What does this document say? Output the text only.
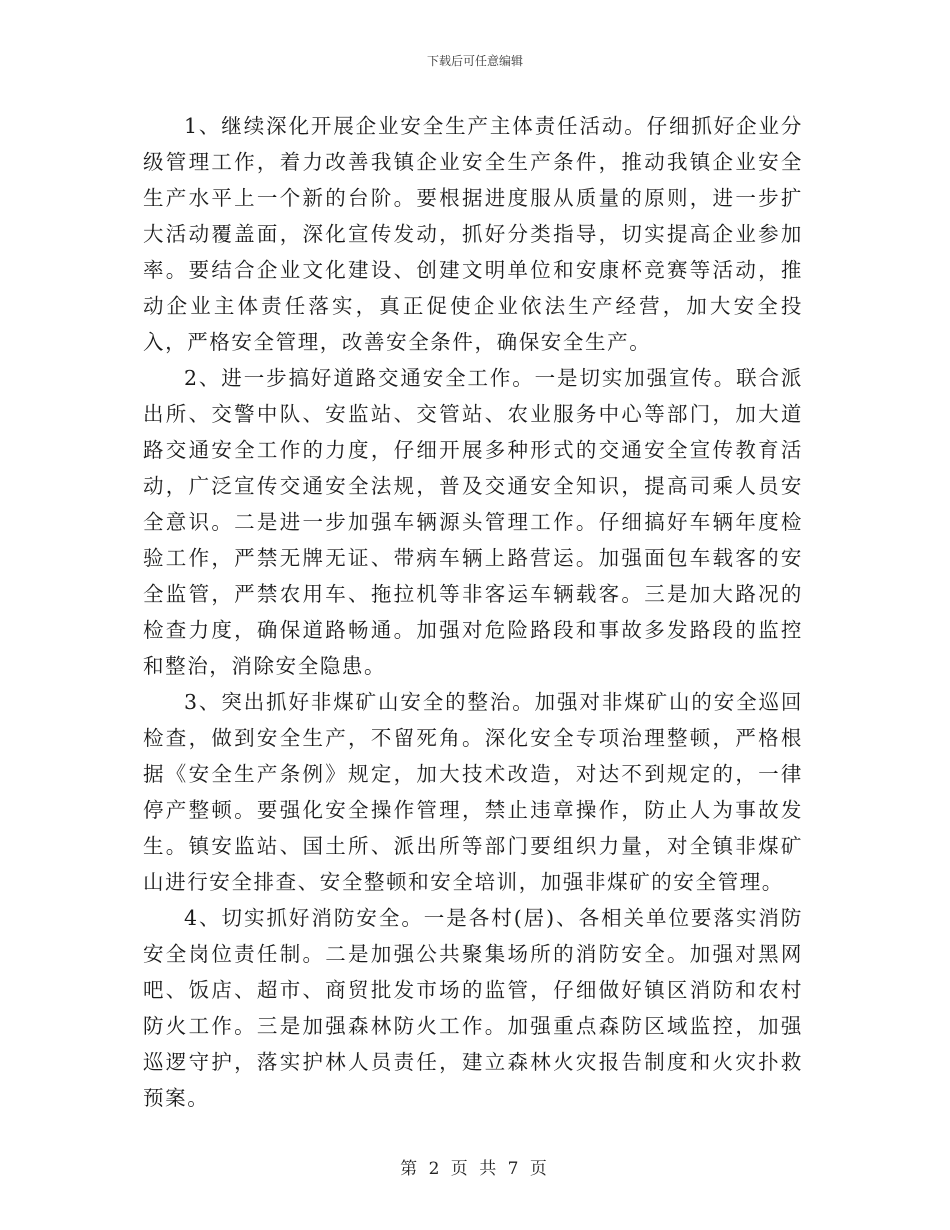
下载后可任意编辑

1、继续深化开展企业安全生产主体责任活动。仔细抓好企业分级管理工作，着力改善我镇企业安全生产条件，推动我镇企业安全生产水平上一个新的台阶。要根据进度服从质量的原则，进一步扩大活动覆盖面，深化宣传发动，抓好分类指导，切实提高企业参加率。要结合企业文化建设、创建文明单位和安康杯竞赛等活动，推动企业主体责任落实，真正促使企业依法生产经营，加大安全投入，严格安全管理，改善安全条件，确保安全生产。

2、进一步搞好道路交通安全工作。一是切实加强宣传。联合派出所、交警中队、安监站、交管站、农业服务中心等部门，加大道路交通安全工作的力度，仔细开展多种形式的交通安全宣传教育活动，广泛宣传交通安全法规，普及交通安全知识，提高司乘人员安全意识。二是进一步加强车辆源头管理工作。仔细搞好车辆年度检验工作，严禁无牌无证、带病车辆上路营运。加强面包车载客的安全监管，严禁农用车、拖拉机等非客运车辆载客。三是加大路况的检查力度，确保道路畅通。加强对危险路段和事故多发路段的监控和整治，消除安全隐患。

3、突出抓好非煤矿山安全的整治。加强对非煤矿山的安全巡回检查，做到安全生产，不留死角。深化安全专项治理整顿，严格根据《安全生产条例》规定，加大技术改造，对达不到规定的，一律停产整顿。要强化安全操作管理，禁止违章操作，防止人为事故发生。镇安监站、国土所、派出所等部门要组织力量，对全镇非煤矿山进行安全排查、安全整顿和安全培训，加强非煤矿的安全管理。

4、切实抓好消防安全。一是各村(居)、各相关单位要落实消防安全岗位责任制。二是加强公共聚集场所的消防安全。加强对黑网吧、饭店、超市、商贸批发市场的监管，仔细做好镇区消防和农村防火工作。三是加强森林防火工作。加强重点森防区域监控，加强巡逻守护，落实护林人员责任，建立森林火灾报告制度和火灾扑救预案。

第 2 页 共 7 页
